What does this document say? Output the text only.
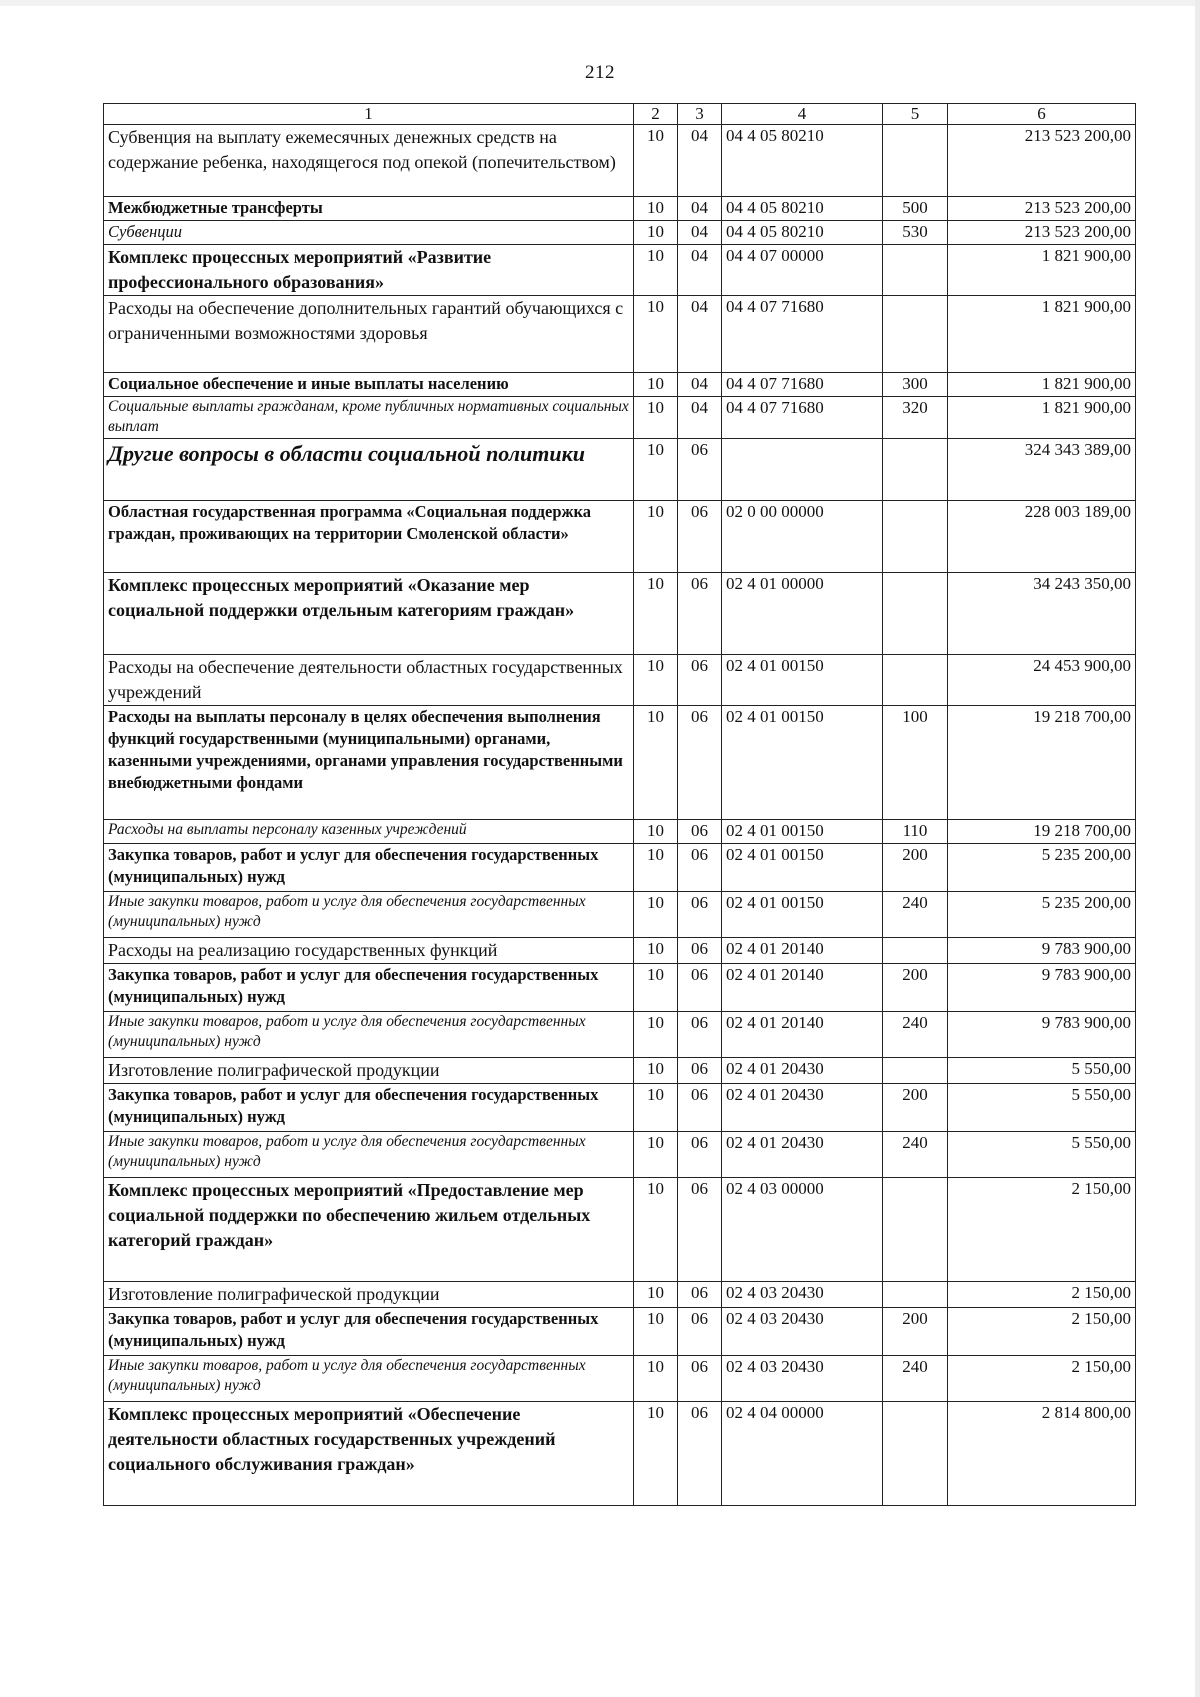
212
1	2	3	4	5	6
Субвенция на выплату ежемесячных денежных средств на содержание ребенка, находящегося под опекой (попечительством)	10	04	04 4 05 80210		213 523 200,00
Межбюджетные трансферты	10	04	04 4 05 80210	500	213 523 200,00
Субвенции	10	04	04 4 05 80210	530	213 523 200,00
Комплекс процессных мероприятий «Развитие профессионального образования»	10	04	04 4 07 00000		1 821 900,00
Расходы на обеспечение дополнительных гарантий обучающихся с ограниченными возможностями здоровья	10	04	04 4 07 71680		1 821 900,00
Социальное обеспечение и иные выплаты населению	10	04	04 4 07 71680	300	1 821 900,00
Социальные выплаты гражданам, кроме публичных нормативных социальных выплат	10	04	04 4 07 71680	320	1 821 900,00
Другие вопросы в области социальной политики	10	06			324 343 389,00
Областная государственная программа «Социальная поддержка граждан, проживающих на территории Смоленской области»	10	06	02 0 00 00000		228 003 189,00
Комплекс процессных мероприятий «Оказание мер социальной поддержки отдельным категориям граждан»	10	06	02 4 01 00000		34 243 350,00
Расходы на обеспечение деятельности областных государственных учреждений	10	06	02 4 01 00150		24 453 900,00
Расходы на выплаты персоналу в целях обеспечения выполнения функций государственными (муниципальными) органами, казенными учреждениями, органами управления государственными внебюджетными фондами	10	06	02 4 01 00150	100	19 218 700,00
Расходы на выплаты персоналу казенных учреждений	10	06	02 4 01 00150	110	19 218 700,00
Закупка товаров, работ и услуг для обеспечения государственных (муниципальных) нужд	10	06	02 4 01 00150	200	5 235 200,00
Иные закупки товаров, работ и услуг для обеспечения государственных (муниципальных) нужд	10	06	02 4 01 00150	240	5 235 200,00
Расходы на реализацию государственных функций	10	06	02 4 01 20140		9 783 900,00
Закупка товаров, работ и услуг для обеспечения государственных (муниципальных) нужд	10	06	02 4 01 20140	200	9 783 900,00
Иные закупки товаров, работ и услуг для обеспечения государственных (муниципальных) нужд	10	06	02 4 01 20140	240	9 783 900,00
Изготовление полиграфической продукции	10	06	02 4 01 20430		5 550,00
Закупка товаров, работ и услуг для обеспечения государственных (муниципальных) нужд	10	06	02 4 01 20430	200	5 550,00
Иные закупки товаров, работ и услуг для обеспечения государственных (муниципальных) нужд	10	06	02 4 01 20430	240	5 550,00
Комплекс процессных мероприятий «Предоставление мер социальной поддержки по обеспечению жильем отдельных категорий граждан»	10	06	02 4 03 00000		2 150,00
Изготовление полиграфической продукции	10	06	02 4 03 20430		2 150,00
Закупка товаров, работ и услуг для обеспечения государственных (муниципальных) нужд	10	06	02 4 03 20430	200	2 150,00
Иные закупки товаров, работ и услуг для обеспечения государственных (муниципальных) нужд	10	06	02 4 03 20430	240	2 150,00
Комплекс процессных мероприятий «Обеспечение деятельности областных государственных учреждений социального обслуживания граждан»	10	06	02 4 04 00000		2 814 800,00
